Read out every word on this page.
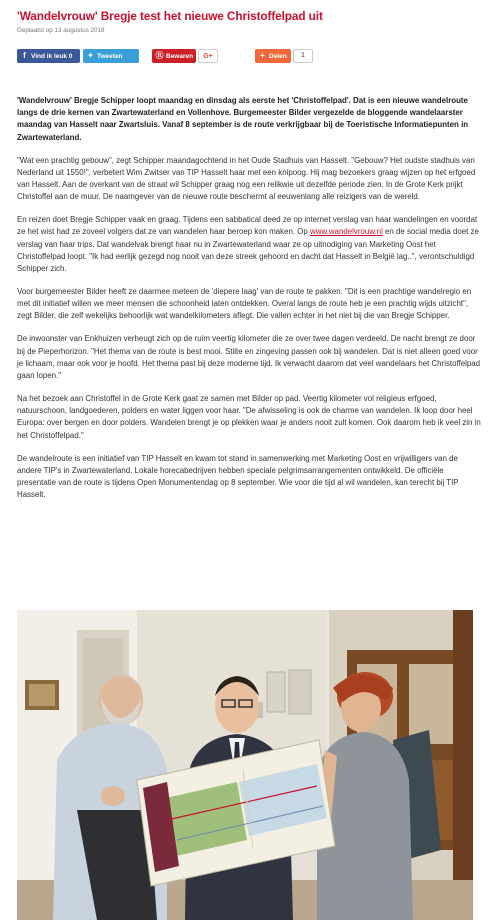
'Wandelvrouw' Bregje test het nieuwe Christoffelpad uit
Geplaatst op 13 augustus 2018
f Vind ik leuk 0	✦ Tweeten	Ⓡ Bewaren	G+	+ Delen	1

'Wandelvrouw' Bregje Schipper loopt maandag en dinsdag als eerste het 'Christoffelpad'. Dat is een nieuwe wandelroute langs de drie kernen van Zwartewaterland en Vollenhove. Burgemeester Bilder vergezelde de bloggende wandelaarster maandag van Hasselt naar Zwartsluis. Vanaf 8 september is de route verkrijgbaar bij de Toeristische Informatiepunten in Zwartewaterland.

"Wat een prachtig gebouw", zegt Schipper maandagochtend in het Oude Stadhuis van Hasselt. "Gebouw? Het oudste stadhuis van Nederland uit 1550!", verbetert Wim Zwitser van TIP Hasselt haar met een knipoog. Hij mag bezoekers graag wijzen op het erfgoed van Hasselt. Aan de overkant van de straat wil Schipper graag nog een relikwie uit dezelfde periode zien. In de Grote Kerk prijkt Christoffel aan de muur. De naamgever van de nieuwe route beschermt al eeuwenlang alle reizigers van de wereld.

En reizen doet Bregje Schipper vaak en graag. Tijdens een sabbatical deed ze op internet verslag van haar wandelingen en voordat ze het wist had ze zoveel volgers dat ze van wandelen haar beroep kon maken. Op www.wandelvrouw.nl en de social media doet ze verslag van haar trips. Dat wandelvak brengt haar nu in Zwartewaterland waar ze op uitnodiging van Marketing Oost het Christoffelpad loopt. "Ik had eerlijk gezegd nog nooit van deze streek gehoord en dacht dat Hasselt in België lag..", verontschuldigd Schipper zich.

Voor burgemeester Bilder heeft ze daarmee meteen de 'diepere laag' van de route te pakken. "Dit is een prachtige wandelregio en met dit initiatief willen we meer mensen die schoonheid laten ontdekken. Overal langs de route heb je een prachtig wijds uitzicht", zegt Bilder, die zelf wekelijks behoorlijk wat wandelkilometers aflegt. Die vallen echter in het niet bij die van Bregje Schipper.

De inwoonster van Enkhuizen verheugt zich op de ruim veertig kilometer die ze over twee dagen verdeeld. De nacht brengt ze door bij de Pieperhorizon. "Het thema van de route is best mooi. Stilte en zingeving passen ook bij wandelen. Dat is niet alleen goed voor je lichaam, maar ook voor je hoofd. Het thema past bij deze moderne tijd. Ik verwacht daarom dat veel wandelaars het Christoffelpad gaan lopen."

Na het bezoek aan Christoffel in de Grote Kerk gaat ze samen met Bilder op pad. Veertig kilometer vol religieus erfgoed, natuurschoon, landgoederen, polders en water liggen voor haar. "De afwisseling is ook de charme van wandelen. Ik loop door heel Europa: over bergen en door polders. Wandelen brengt je op plekken waar je anders nooit zult komen. Ook daarom heb ik veel zin in het Christoffelpad."

De wandelroute is een initiatief van TIP Hasselt en kwam tot stand in samenwerking met Marketing Oost en vrijwilligers van de andere TIP's in Zwartewaterland. Lokale horecabedrijven hebben speciale pelgrimsarrangementen ontwikkeld. De officiële presentatie van de route is tijdens Open Monumentendag op 8 september. Wie voor die tijd al wil wandelen, kan terecht bij TIP Hasselt.
